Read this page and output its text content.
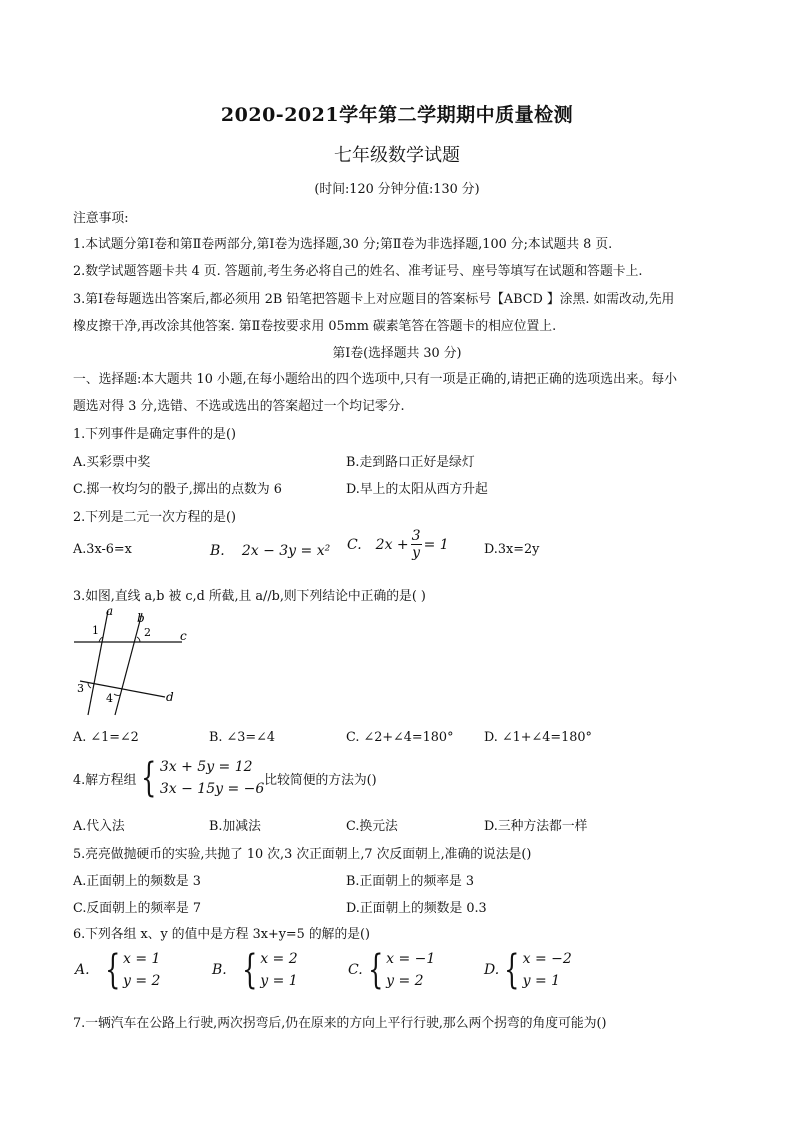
2020-2021学年第二学期期中质量检测
七年级数学试题
(时间:120 分钟分值:130 分)
注意事项:
1.本试题分第Ⅰ卷和第Ⅱ卷两部分,第Ⅰ卷为选择题,30 分;第Ⅱ卷为非选择题,100 分;本试题共 8 页.
2.数学试题答题卡共 4 页. 答题前,考生务必将自己的姓名、准考证号、座号等填写在试题和答题卡上.
3.第Ⅰ卷每题选出答案后,都必须用 2B 铅笔把答题卡上对应题目的答案标号【ABCD 】涂黑. 如需改动,先用
橡皮擦干净,再改涂其他答案. 第Ⅱ卷按要求用 05mm 碳素笔答在答题卡的相应位置上.
第Ⅰ卷(选择题共 30 分)
一、选择题:本大题共 10 小题,在每小题给出的四个选项中,只有一项是正确的,请把正确的选项选出来。每小
题选对得 3 分,选错、不选或选出的答案超过一个均记零分.
1.下列事件是确定事件的是()
A.买彩票中奖	B.走到路口正好是绿灯
C.掷一枚均匀的骰子,掷出的点数为 6	D.早上的太阳从西方升起
2.下列是二元一次方程的是()
A.3x-6=x	B. 2x − 3y = x² C. $2x + \frac{3}{y} = 1$	D.3x=2y
3.如图,直线 a,b 被 c,d 所截,且 a//b,则下列结论中正确的是( )
a b
c
d
1	2
3
4
A. ∠1=∠2	B. ∠3=∠4	C. ∠2+∠4=180° D. ∠1+∠4=180°
4.解方程组 { 3x + 5y = 12
3x − 15y = −6
比较简便的方法为()
A.代入法	B.加减法	C.换元法	D.三种方法都一样
5.亮亮做抛硬币的实验,共抛了 10 次,3 次正面朝上,7 次反面朝上,准确的说法是()
A.正面朝上的频数是 3	B.正面朝上的频率是 3
C.反面朝上的频率是 7	D.正面朝上的频数是 0.3
6.下列各组 x、y 的值中是方程 3x+y=5 的解的是()
A. { x = 1
y = 2
B. { x = 2
y = 1
C. { x = −1
y = 2
D. { x = −2
y = 1
7.一辆汽车在公路上行驶,两次拐弯后,仍在原来的方向上平行行驶,那么两个拐弯的角度可能为()
